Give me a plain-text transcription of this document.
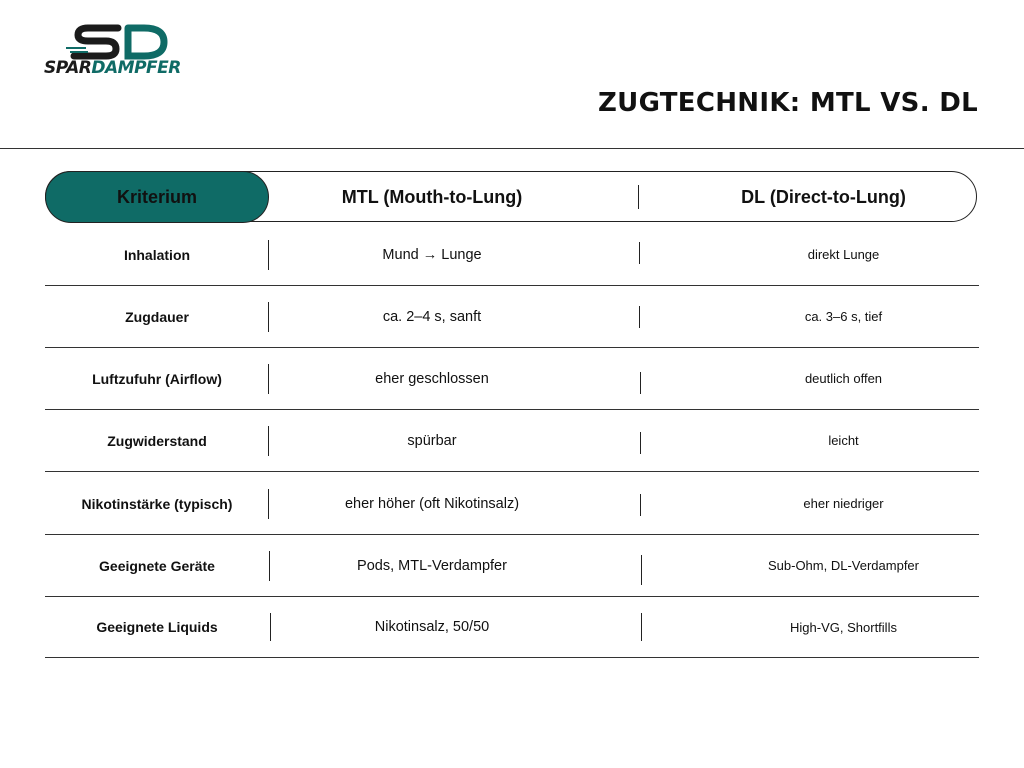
SPARDAMPFER
ZUGTECHNIK: MTL VS. DL
Kriterium	MTL (Mouth-to-Lung)	DL (Direct-to-Lung)
Inhalation	Mund → Lunge	direkt Lunge
Zugdauer	ca. 2–4 s, sanft	ca. 3–6 s, tief
Luftzufuhr (Airflow)	eher geschlossen	deutlich offen
Zugwiderstand	spürbar	leicht
Nikotinstärke (typisch)	eher höher (oft Nikotinsalz)	eher niedriger
Geeignete Geräte	Pods, MTL-Verdampfer	Sub-Ohm, DL-Verdampfer
Geeignete Liquids	Nikotinsalz, 50/50	High-VG, Shortfills
